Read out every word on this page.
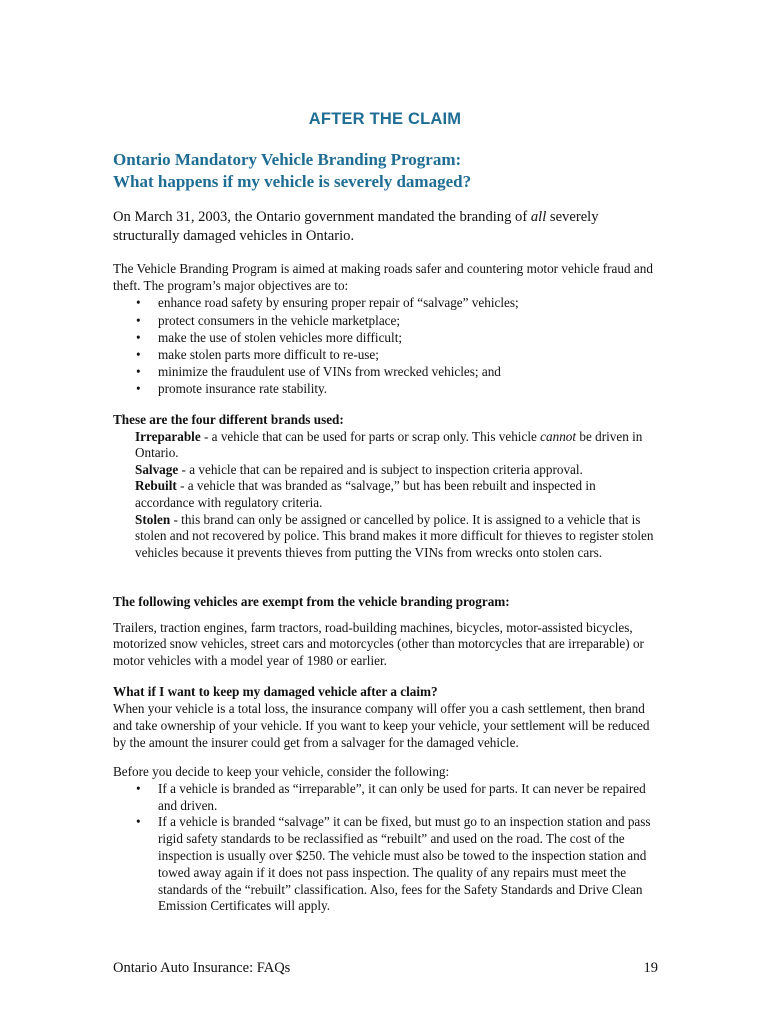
AFTER THE CLAIM
Ontario Mandatory Vehicle Branding Program:
What happens if my vehicle is severely damaged?

On March 31, 2003, the Ontario government mandated the branding of all severely structurally damaged vehicles in Ontario.

The Vehicle Branding Program is aimed at making roads safer and countering motor vehicle fraud and theft. The program’s major objectives are to:

• enhance road safety by ensuring proper repair of “salvage” vehicles;
• protect consumers in the vehicle marketplace;
• make the use of stolen vehicles more difficult;
• make stolen parts more difficult to re-use;
• minimize the fraudulent use of VINs from wrecked vehicles; and
• promote insurance rate stability.

These are the four different brands used:

Irreparable - a vehicle that can be used for parts or scrap only. This vehicle cannot be driven in Ontario.

Salvage - a vehicle that can be repaired and is subject to inspection criteria approval.

Rebuilt - a vehicle that was branded as “salvage,” but has been rebuilt and inspected in accordance with regulatory criteria.

Stolen - this brand can only be assigned or cancelled by police. It is assigned to a vehicle that is stolen and not recovered by police. This brand makes it more difficult for thieves to register stolen vehicles because it prevents thieves from putting the VINs from wrecks onto stolen cars.

The following vehicles are exempt from the vehicle branding program:

Trailers, traction engines, farm tractors, road-building machines, bicycles, motor-assisted bicycles, motorized snow vehicles, street cars and motorcycles (other than motorcycles that are irreparable) or motor vehicles with a model year of 1980 or earlier.

What if I want to keep my damaged vehicle after a claim?

When your vehicle is a total loss, the insurance company will offer you a cash settlement, then brand and take ownership of your vehicle. If you want to keep your vehicle, your settlement will be reduced by the amount the insurer could get from a salvager for the damaged vehicle.

Before you decide to keep your vehicle, consider the following:

• If a vehicle is branded as “irreparable”, it can only be used for parts. It can never be repaired and driven.
• If a vehicle is branded “salvage” it can be fixed, but must go to an inspection station and pass rigid safety standards to be reclassified as “rebuilt” and used on the road. The cost of the inspection is usually over $250. The vehicle must also be towed to the inspection station and towed away again if it does not pass inspection. The quality of any repairs must meet the standards of the “rebuilt” classification. Also, fees for the Safety Standards and Drive Clean Emission Certificates will apply.
Ontario Auto Insurance: FAQs	19
